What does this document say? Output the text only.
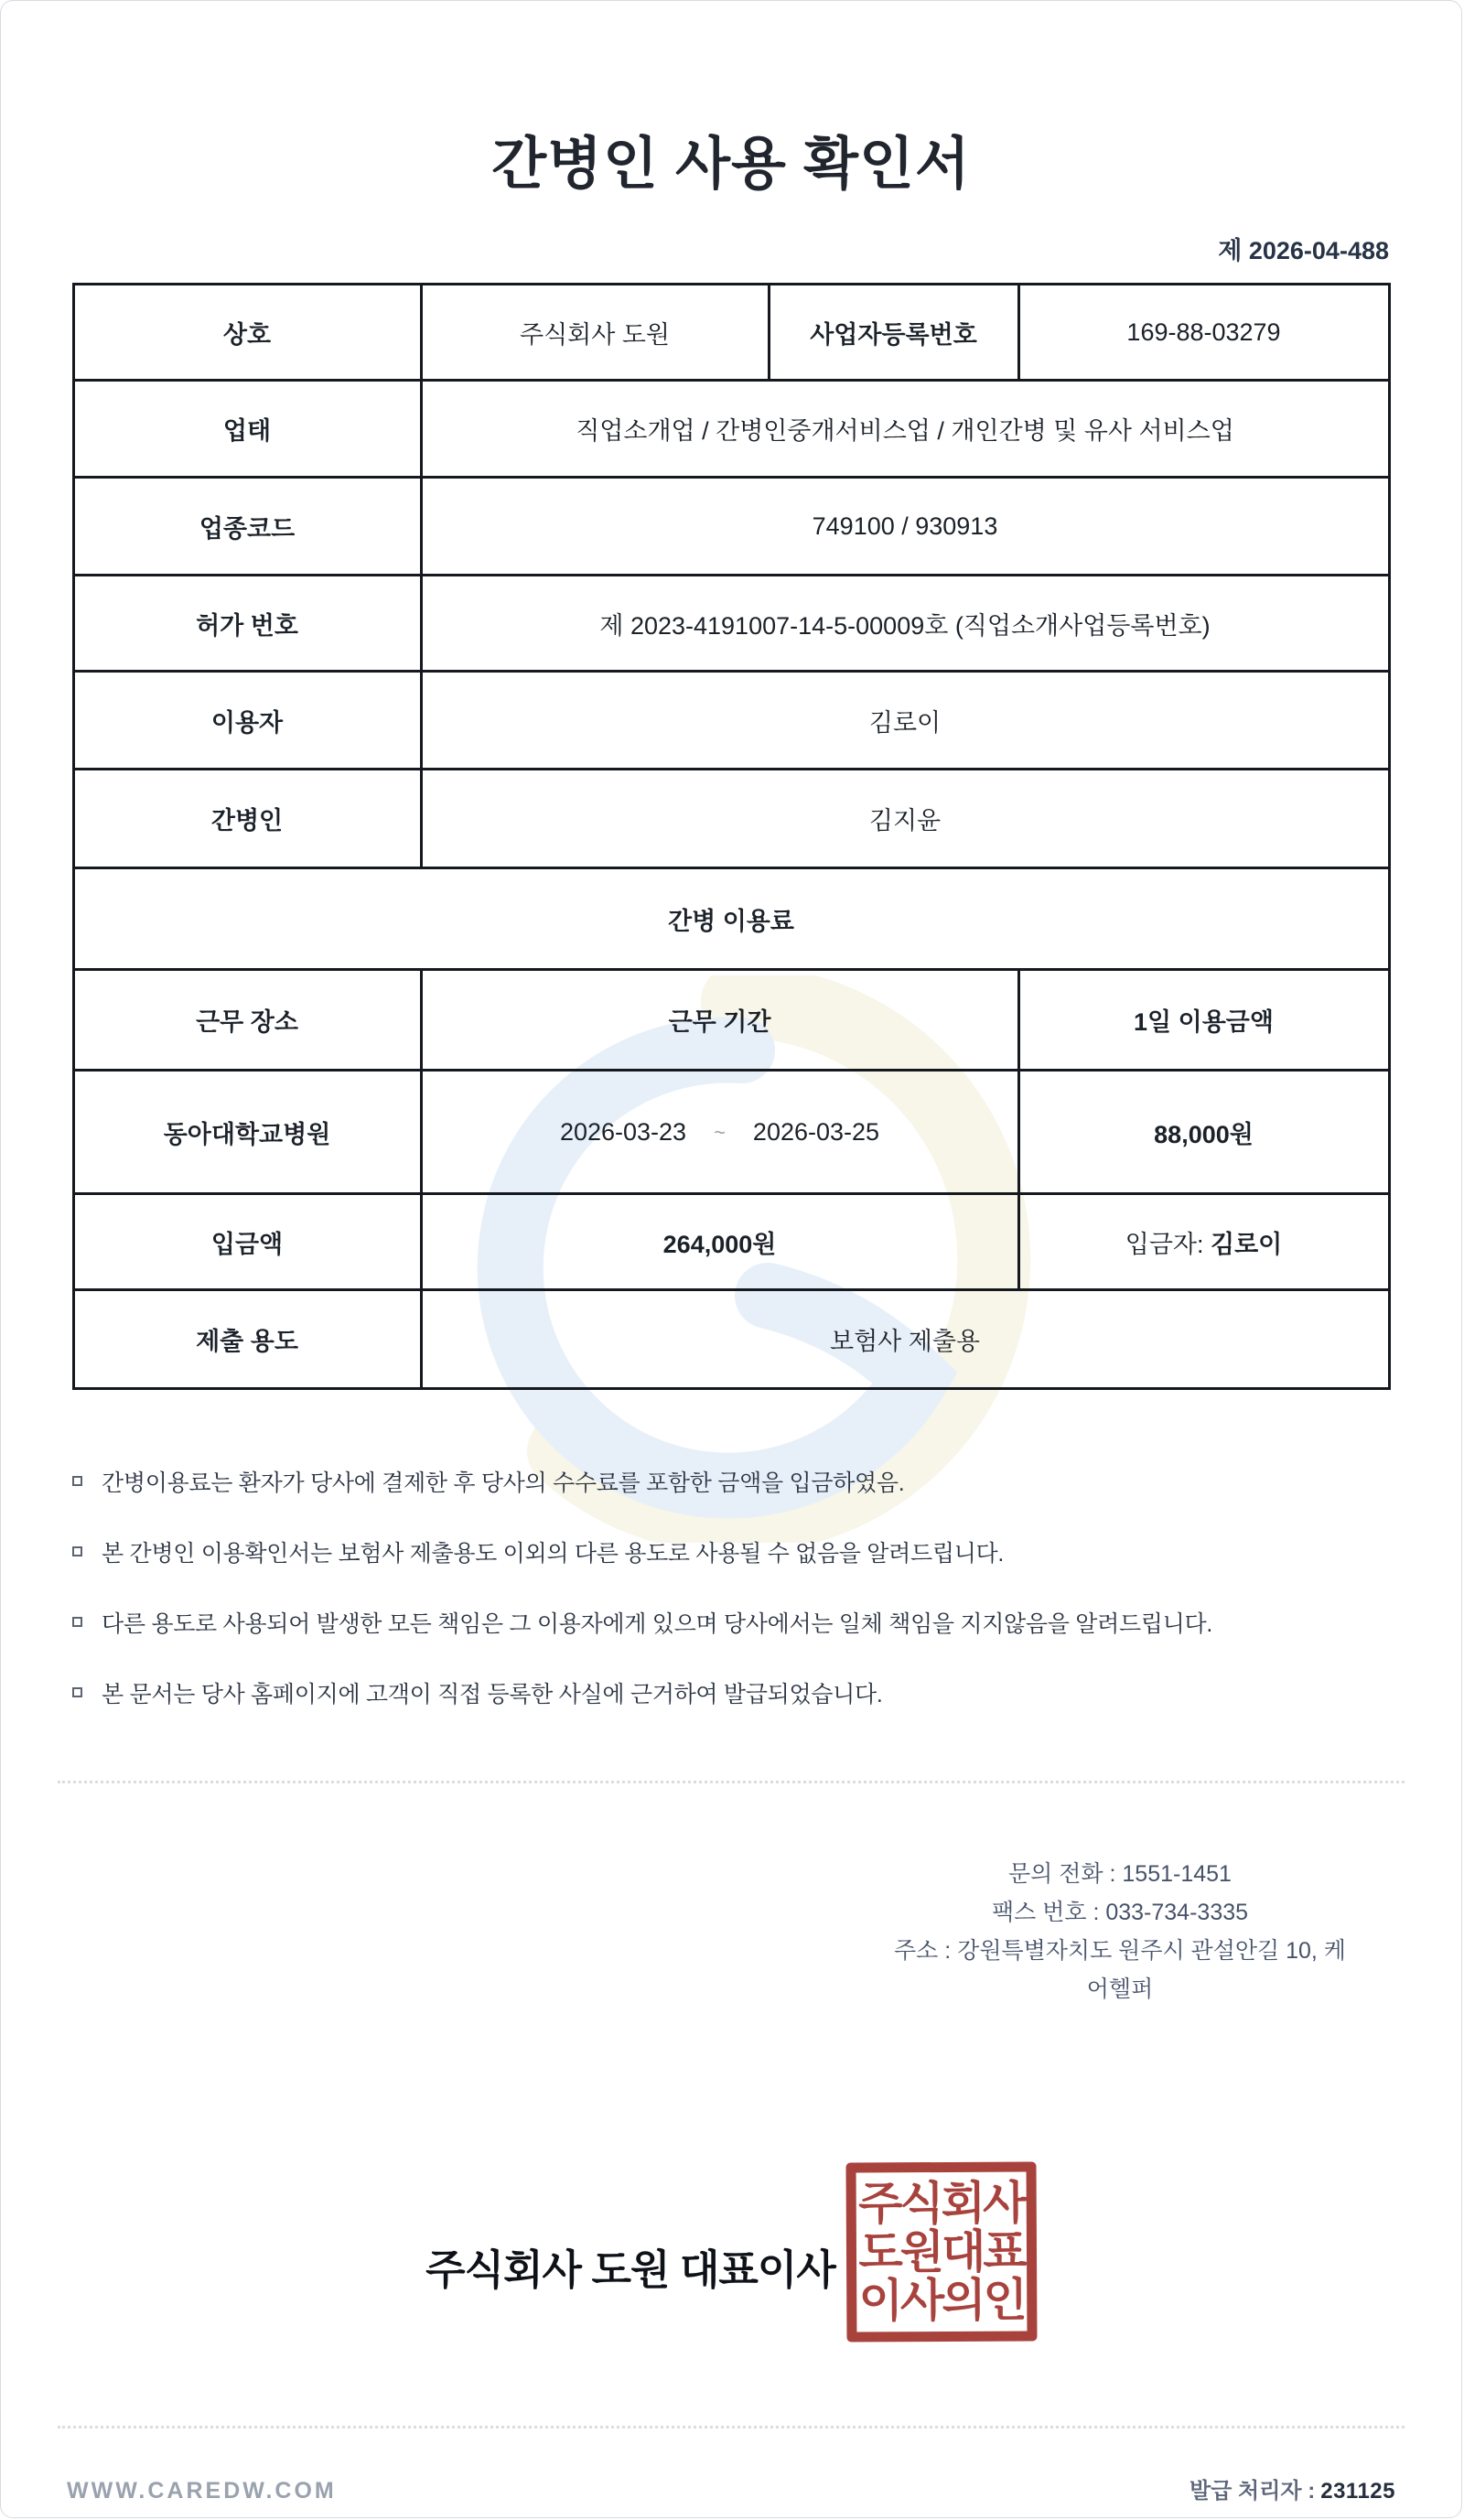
간병인 사용 확인서
제 2026-04-488
상호	주식회사 도원	사업자등록번호	169-88-03279
업태	직업소개업 / 간병인중개서비스업 / 개인간병 및 유사 서비스업		
업종코드	749100 / 930913		
허가 번호	제 2023-4191007-14-5-00009호 (직업소개사업등록번호)		
이용자	김로이		
간병인	김지윤		
간병 이용료			
근무 장소	근무 기간		1일 이용금액
동아대학교병원	2026-03-23 ~ 2026-03-25		88,000원
입금액	264,000원		입금자: 김로이
제출 용도	보험사 제출용		
간병이용료는 환자가 당사에 결제한 후 당사의 수수료를 포함한 금액을 입금하였음.
본 간병인 이용확인서는 보험사 제출용도 이외의 다른 용도로 사용될 수 없음을 알려드립니다.
다른 용도로 사용되어 발생한 모든 책임은 그 이용자에게 있으며 당사에서는 일체 책임을 지지않음을 알려드립니다.
본 문서는 당사 홈페이지에 고객이 직접 등록한 사실에 근거하여 발급되었습니다.
문의 전화 : 1551-1451
팩스 번호 : 033-734-3335
주소 : 강원특별자치도 원주시 관설안길 10, 케어헬퍼
주식회사 도원 대표이사
주식회사
도원대표
이사의인
WWW.CAREDW.COM	발급 처리자 : 231125
